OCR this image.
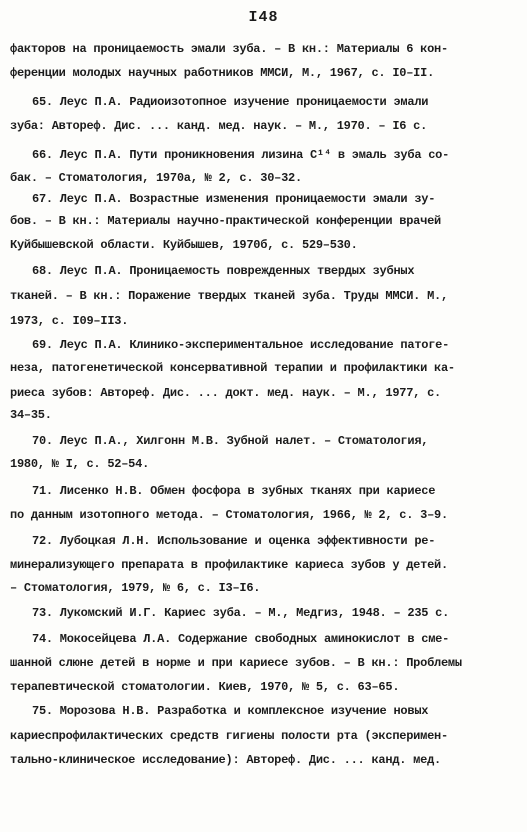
I48
факторов на проницаемость эмали зуба. – В кн.: Материалы 6 кон-
ференции молодых научных работников ММСИ, М., 1967, с. I0–II.
65. Леус П.А. Радиоизотопное изучение проницаемости эмали
зуба: Автореф. Дис. ... канд. мед. наук. – М., 1970. – I6 с.
66. Леус П.А. Пути проникновения лизина C¹⁴ в эмаль зуба со-
бак. – Стоматология, 1970а, № 2, с. 30–32.
67. Леус П.А. Возрастные изменения проницаемости эмали зу-
бов. – В кн.: Материалы научно-практической конференции врачей
Куйбышевской области. Куйбышев, 1970б, с. 529–530.
68. Леус П.А. Проницаемость поврежденных твердых зубных
тканей. – В кн.: Поражение твердых тканей зуба. Труды ММСИ. М.,
1973, с. I09–II3.
69. Леус П.А. Клинико-экспериментальное исследование патоге-
неза, патогенетической консервативной терапии и профилактики ка-
риеса зубов: Автореф. Дис. ... докт. мед. наук. – М., 1977, с.
34–35.
70. Леус П.А., Хилгонн М.В. Зубной налет. – Стоматология,
1980, № I, с. 52–54.
71. Лисенко Н.В. Обмен фосфора в зубных тканях при кариесе
по данным изотопного метода. – Стоматология, 1966, № 2, с. 3–9.
72. Лубоцкая Л.Н. Использование и оценка эффективности ре-
минерализующего препарата в профилактике кариеса зубов у детей.
– Стоматология, 1979, № 6, с. I3–I6.
73. Лукомский И.Г. Кариес зуба. – М., Медгиз, 1948. – 235 с.
74. Мокосейцева Л.А. Содержание свободных аминокислот в сме-
шанной слюне детей в норме и при кариесе зубов. – В кн.: Проблемы
терапевтической стоматологии. Киев, 1970, № 5, с. 63–65.
75. Морозова Н.В. Разработка и комплексное изучение новых
кариеспрофилактических средств гигиены полости рта (эксперимен-
тально-клиническое исследование): Автореф. Дис. ... канд. мед.
